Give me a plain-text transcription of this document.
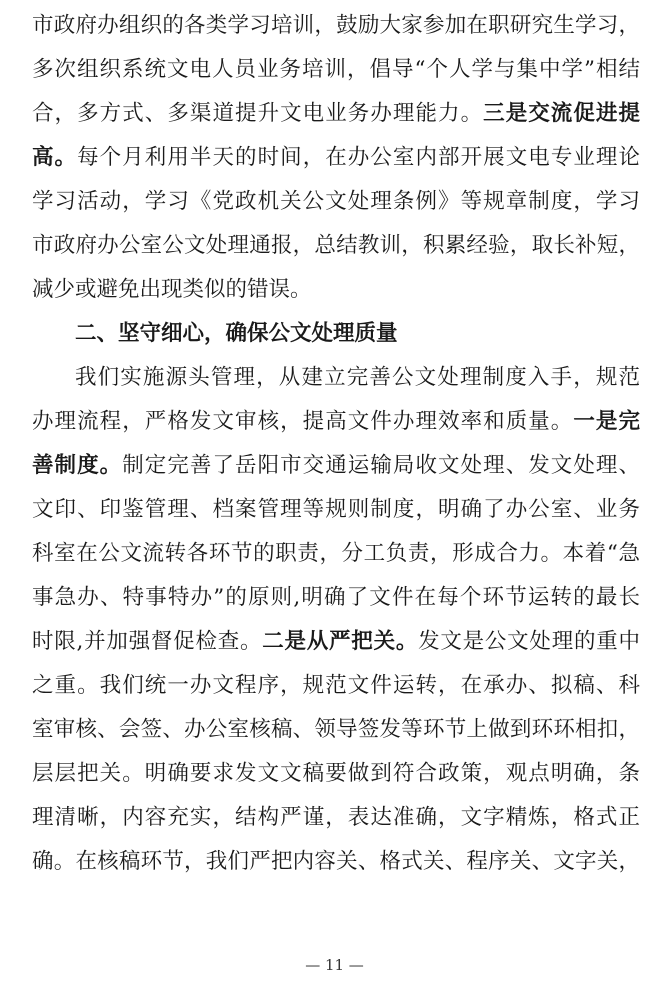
市政府办组织的各类学习培训，鼓励大家参加在职研究生学习，
多次组织系统文电人员业务培训，倡导“个人学与集中学”相结
合，多方式、多渠道提升文电业务办理能力。三是交流促进提
高。每个月利用半天的时间，在办公室内部开展文电专业理论
学习活动，学习《党政机关公文处理条例》等规章制度，学习
市政府办公室公文处理通报，总结教训，积累经验，取长补短，
减少或避免出现类似的错误。
二、坚守细心，确保公文处理质量
我们实施源头管理，从建立完善公文处理制度入手，规范
办理流程，严格发文审核，提高文件办理效率和质量。一是完
善制度。制定完善了岳阳市交通运输局收文处理、发文处理、
文印、印鉴管理、档案管理等规则制度，明确了办公室、业务
科室在公文流转各环节的职责，分工负责，形成合力。本着“急
事急办、特事特办”的原则,明确了文件在每个环节运转的最长
时限,并加强督促检查。二是从严把关。发文是公文处理的重中
之重。我们统一办文程序，规范文件运转，在承办、拟稿、科
室审核、会签、办公室核稿、领导签发等环节上做到环环相扣，
层层把关。明确要求发文文稿要做到符合政策，观点明确，条
理清晰，内容充实，结构严谨，表达准确，文字精炼，格式正
确。在核稿环节，我们严把内容关、格式关、程序关、文字关，
— 11 —
